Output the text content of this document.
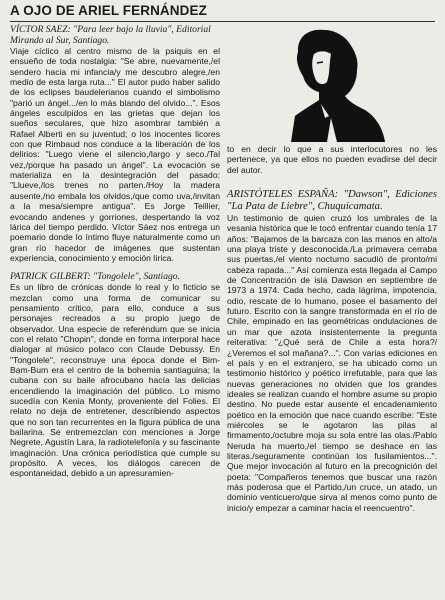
A OJO DE ARIEL FERNÁNDEZ

VÍCTOR SAEZ: "Para leer bajo la lluvia", Editorial Mirando al Sur, Santiago.

Viaje cíclico al centro mismo de la psiquis en el ensueño de toda nostalgia: "Se abre, nuevamente,/el sendero hacia mi infancia/y me descubro alegre,/en medio de esta larga ruta..." El autor pudo haber salido de los eclipses baudelerianos cuando el simbolismo "parió un ángel.../en lo más blando del olvido...". Esos ángeles esculpidos en las grietas que dejan los sueños seculares, que hizo asombrar también a Rafael Alberti en su juventud; o los inocentes licores con que Rimbaud nos conduce a la liberación de los delirios: "Luego viene el silencio,/largo y seco./Tal vez,/porque ha pasado un ángel". La evocación se materializa en la desintegración del pasado: "Llueve,/los trenes no parten./Hoy la madera ausente,/no embala los olvidos,/que como uva,/invitan a la mesa/siempre antigua". Es Jorge Teillier, evocando andenes y gorriones, despertando la voz lárica del tiempo perdido. Víctor Sáez nos entrega un poemario donde lo íntimo fluye naturalmente como un gran río hacedor de imágenes que sustentan experiencia, conocimiento y emoción lírica.

PATRICK GILBERT: "Tongolele", Santiago.

Es un libro de crónicas donde lo real y lo ficticio se mezclan como una forma de comunicar su pensamiento crítico, para ello, conduce a sus personajes recreados a su propio juego de observador. Una especie de referéndum que se inicia con el relato "Chopin", donde en forma interporal hace dialogar al músico polaco con Claude Debussy. En "Tongolele", reconstruye una época donde el Bim-Bam-Bum era el centro de la bohemia santiaguina; la cubana con su baile afrocubano hacía las delicias encendiendo la imaginación del público. Lo mismo sucedía con Kenia Monty, proveniente del Folies. El relato no deja de entretener, describiendo aspectos que no son tan recurrentes en la figura pública de una bailarina. Se entremezclan con menciones a Jorge Negrete, Agustín Lara, la radiotelefonía y su fascinante imaginación. Una crónica periodística que cumple su propósito. A veces, los diálogos carecen de espontaneidad, debido a un apresuramien-

to en decir lo que a sus interlocutores no les pertenece, ya que ellos no pueden evadirse del decir del autor.

ARISTÓTELES ESPAÑA: "Dawson", Ediciones "La Pata de Liebre", Chuquicamata.

Un testimonio de quien cruzó los umbrales de la vesania histórica que le tocó enfrentar cuando tenía 17 años: "Bajamos de la barcaza con las manos en alto/a una playa triste y desconocida./La primavera cerraba sus puertas,/el viento nocturno sacudió de pronto/mi cabeza rapada..." Así comienza esta llegada al Campo de Concentración de isla Dawson en septiembre de 1973 a 1974. Cada hecho, cada lágrima, impotencia, odio, rescate de lo humano, posee el basamento del futuro. Escrito con la sangre transformada en el río de Chile, empinado en las geométricas ondulaciones de un mar que azota insistentemente la pregunta reiterativa: "¿Qué será de Chile a esta hora?/¿Veremos el sol mañana?...". Con varias ediciones en el país y en el extranjero, se ha ubicado como un testimonio histórico y poético irrefutable, para que las nuevas generaciones no olviden que los grandes ideales se realizan cuando el hombre asume su propio destino. No puede estar ausente el encadenamiento poético en la emoción que nace cuando escribe: "Este miércoles se le agotaron las pilas al firmamento,/octubre moja su sola entre las olas./Pablo Neruda ha muerto,/el tiempo se deshace en las literas./seguramente continúan los fusilamientos...". Que mejor invocación al futuro en la precognición del poeta: "Compañeros tenemos que buscar una razón más poderosa que el Partido,/un cruce, un atado, un dominio venticuero/que sirva al menos como punto de inicio/y empezar a caminar hacia el reencuentro".
